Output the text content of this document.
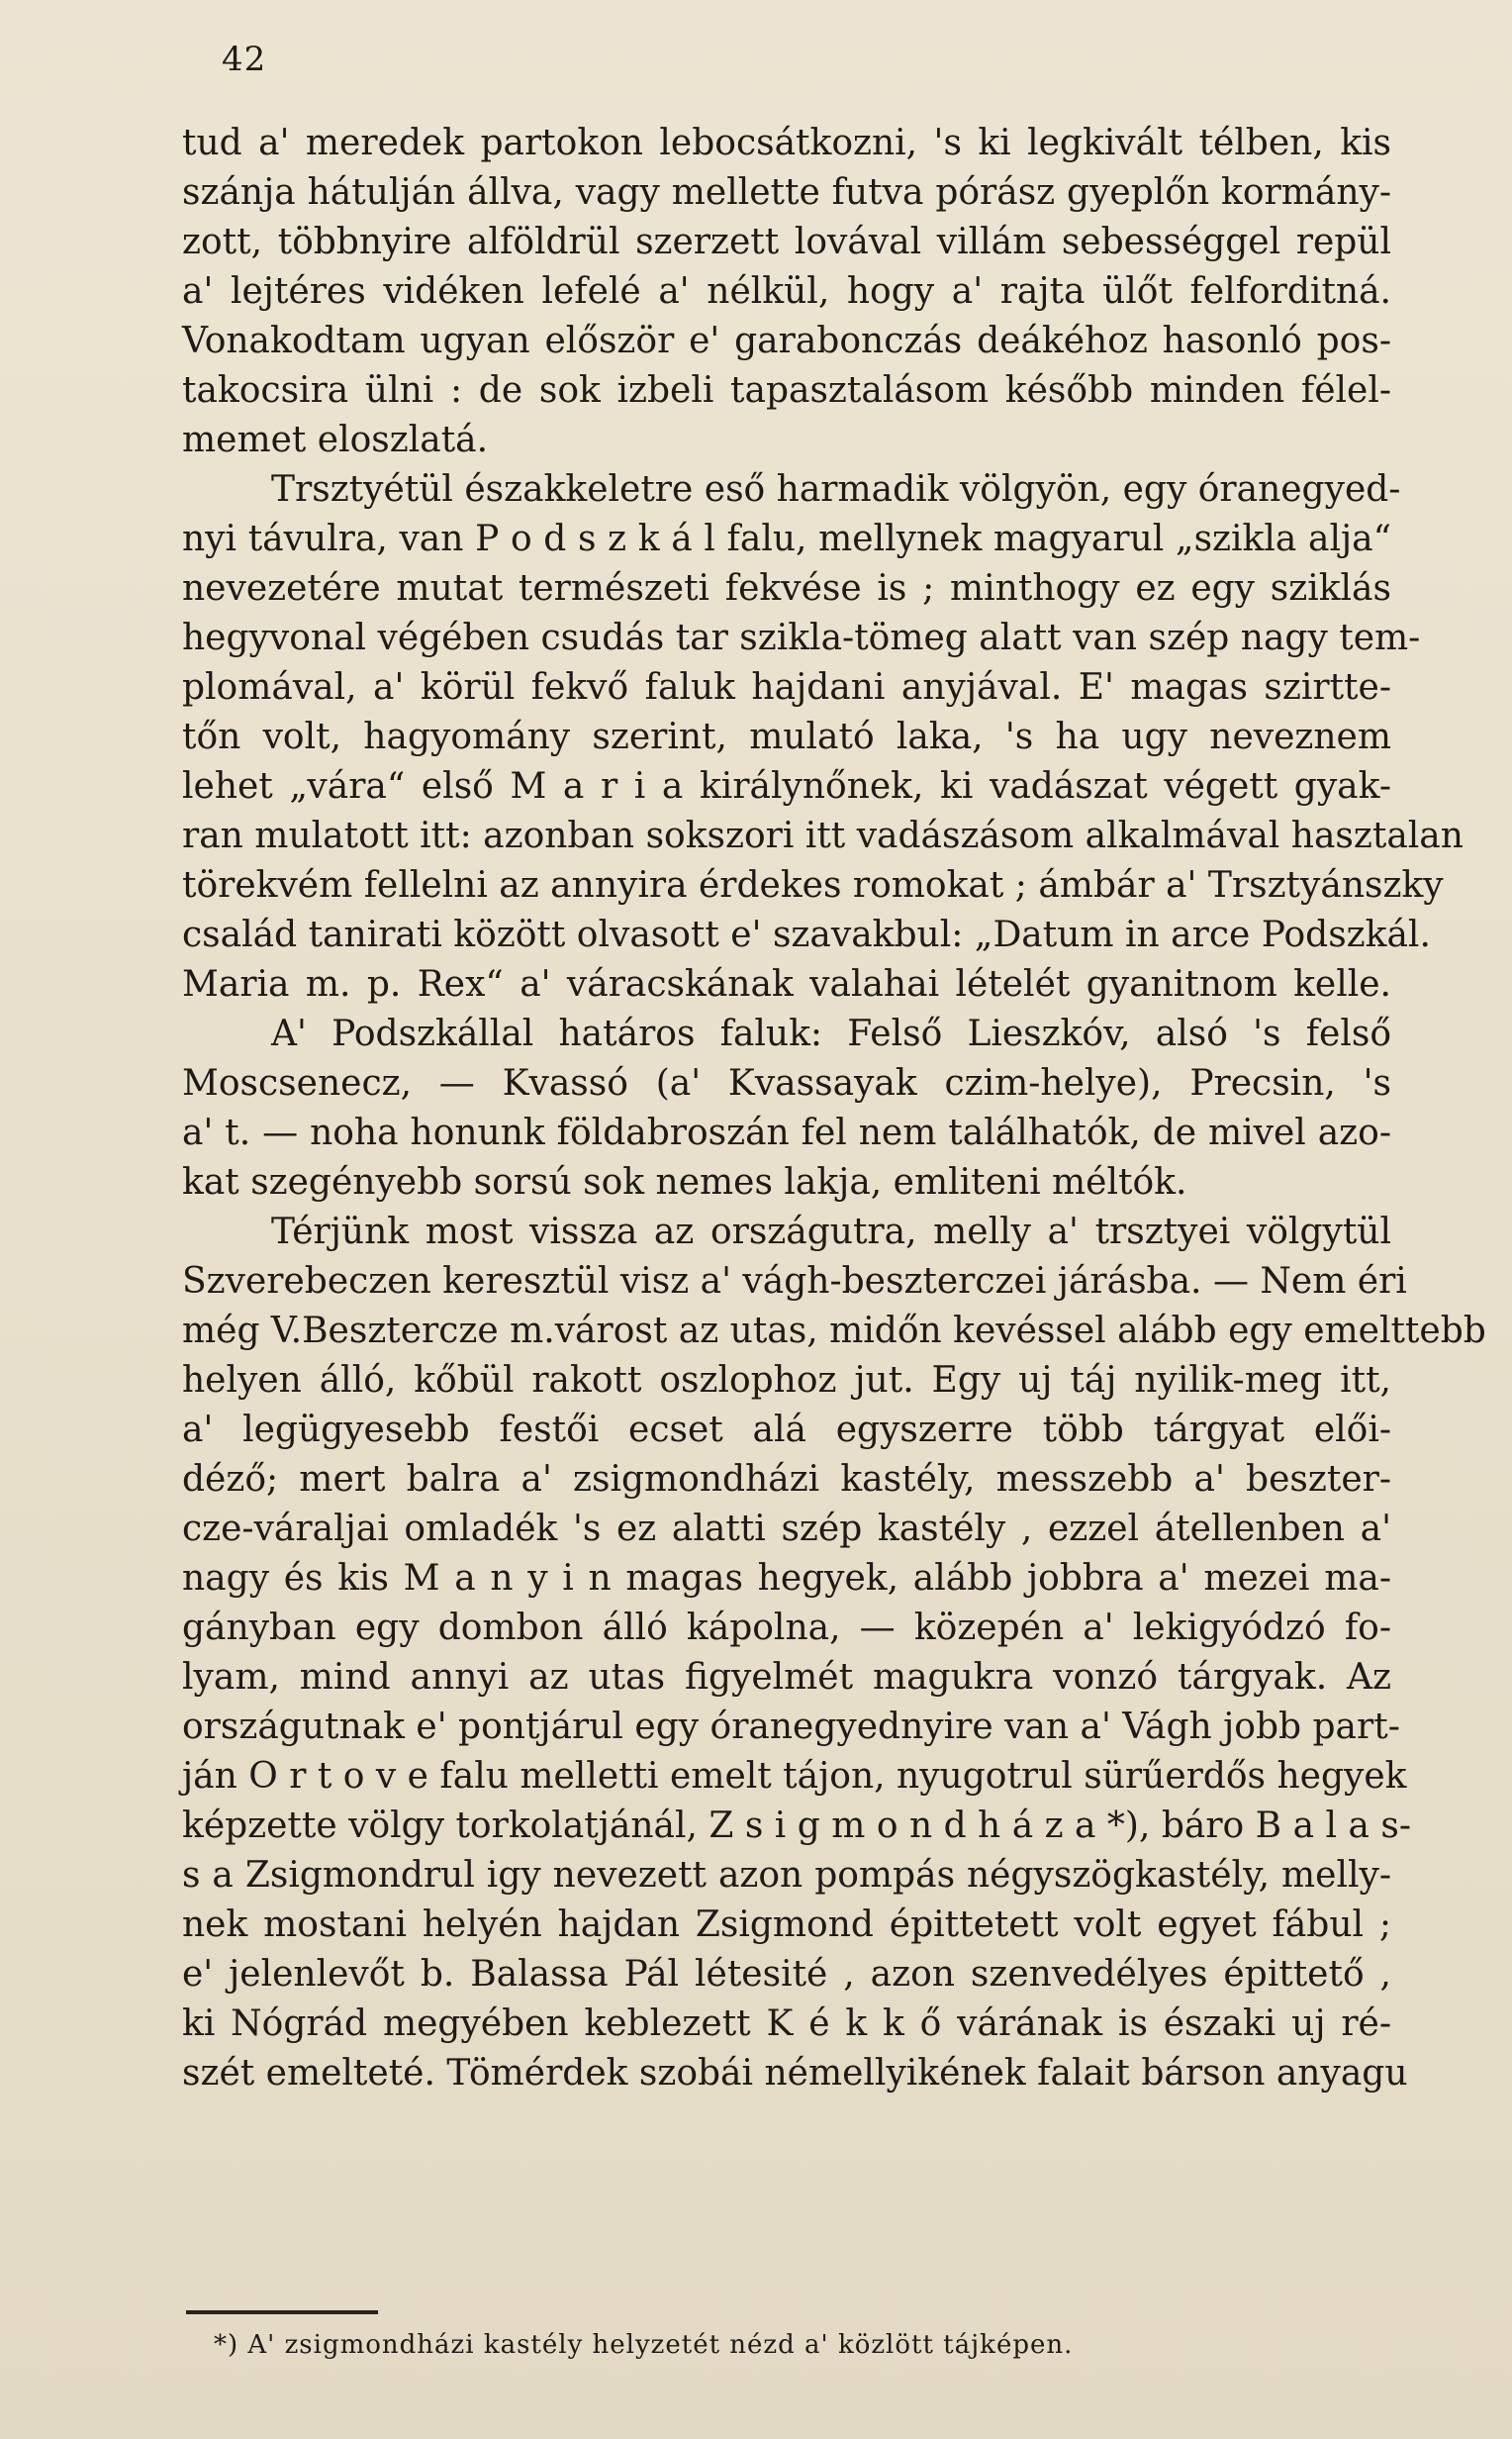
42
tud a' meredek partokon lebocsátkozni, 's ki legkivált télben, kis
szánja hátulján állva, vagy mellette futva pórász gyeplőn kormány-
zott, többnyire alföldrül szerzett lovával villám sebességgel repül
a' lejtéres vidéken lefelé a' nélkül, hogy a' rajta ülőt felforditná.
Vonakodtam ugyan először e' garabonczás deákéhoz hasonló pos-
takocsira ülni : de sok izbeli tapasztalásom később minden félel-
memet eloszlatá.
Trsztyétül északkeletre eső harmadik völgyön, egy óranegyed-
nyi távulra, van P o d s z k á l falu, mellynek magyarul „szikla alja“
nevezetére mutat természeti fekvése is ; minthogy ez egy sziklás
hegyvonal végében csudás tar szikla-tömeg alatt van szép nagy tem-
plomával, a' körül fekvő faluk hajdani anyjával. E' magas szirtte-
tőn volt, hagyomány szerint, mulató laka, 's ha ugy neveznem
lehet „vára“ első M a r i a királynőnek, ki vadászat végett gyak-
ran mulatott itt: azonban sokszori itt vadászásom alkalmával hasztalan
törekvém fellelni az annyira érdekes romokat ; ámbár a' Trsztyánszky
család tanirati között olvasott e' szavakbul: „Datum in arce Podszkál.
Maria m. p. Rex“ a' váracskának valahai lételét gyanitnom kelle.
A' Podszkállal határos faluk: Felső Lieszkóv, alsó 's felső
Moscsenecz, — Kvassó (a' Kvassayak czim-helye), Precsin, 's
a' t. — noha honunk földabroszán fel nem találhatók, de mivel azo-
kat szegényebb sorsú sok nemes lakja, emliteni méltók.
Térjünk most vissza az országutra, melly a' trsztyei völgytül
Szverebeczen keresztül visz a' vágh-beszterczei járásba. — Nem éri
még V.Beszterczе m.várost az utas, midőn kevéssel alább egy emelttebb
helyen álló, kőbül rakott oszlophoz jut. Egy uj táj nyilik-meg itt,
a' legügyesebb festői ecset alá egyszerre több tárgyat elői-
déző; mert balra a' zsigmondházi kastély, messzebb a' beszter-
cze-váraljai omladék 's ez alatti szép kastély , ezzel átellenben a'
nagy és kis M a n y i n magas hegyek, alább jobbra a' mezei ma-
gányban egy dombon álló kápolna, — közepén a' lekigyódzó fo-
lyam, mind annyi az utas figyelmét magukra vonzó tárgyak. Az
országutnak e' pontjárul egy óranegyednyire van a' Vágh jobb part-
ján O r t o v e falu melletti emelt tájon, nyugotrul sürűerdős hegyek
képzette völgy torkolatjánál, Z s i g m o n d h á z a *), báro B a l a s-
s a Zsigmondrul igy nevezett azon pompás négyszögkastély, melly-
nek mostani helyén hajdan Zsigmond épittetett volt egyet fábul ;
e' jelenlevőt b. Balassa Pál létesité , azon szenvedélyes épittető ,
ki Nógrád megyében keblezett K é k k ő várának is északi uj ré-
szét emelteté. Tömérdek szobái némellyikének falait bárson anyagu
*) A' zsigmondházi kastély helyzetét nézd a' közlött tájképen.
